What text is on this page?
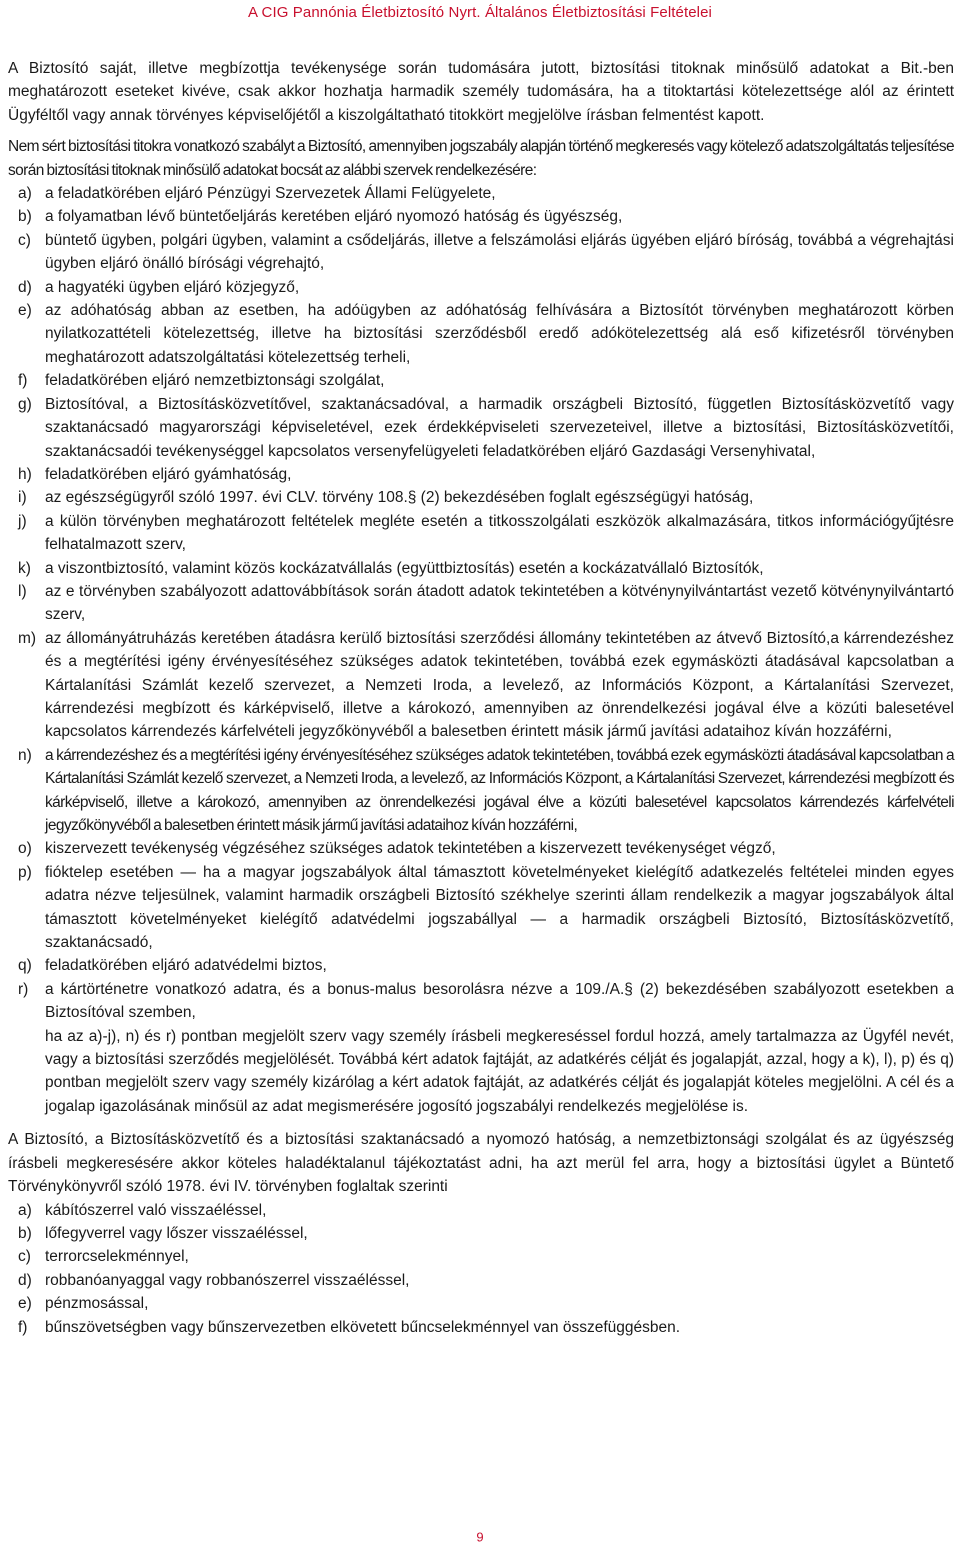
A CIG Pannónia Életbiztosító Nyrt. Általános Életbiztosítási Feltételei

A Biztosító saját, illetve megbízottja tevékenysége során tudomására jutott, biztosítási titoknak minősülő adatokat a Bit.-ben meghatározott eseteket kivéve, csak akkor hozhatja harmadik személy tudomására, ha a titoktartási kötelezettsége alól az érintett Ügyféltől vagy annak törvényes képviselőjétől a kiszolgáltatható titokkört megjelölve írásban felmentést kapott.

Nem sért biztosítási titokra vonatkozó szabályt a Biztosító, amennyiben jogszabály alapján történő megkeresés vagy kötelező adatszolgáltatás teljesítése során biztosítási titoknak minősülő adatokat bocsát az alábbi szervek rendelkezésére:

a) a feladatkörében eljáró Pénzügyi Szervezetek Állami Felügyelete,
b) a folyamatban lévő büntetőeljárás keretében eljáró nyomozó hatóság és ügyészség,
c) büntető ügyben, polgári ügyben, valamint a csődeljárás, illetve a felszámolási eljárás ügyében eljáró bíróság, továbbá a végrehajtási ügyben eljáró önálló bírósági végrehajtó,
d) a hagyatéki ügyben eljáró közjegyző,
e) az adóhatóság abban az esetben, ha adóügyben az adóhatóság felhívására a Biztosítót törvényben meghatározott körben nyilatkozattételi kötelezettség, illetve ha biztosítási szerződésből eredő adókötelezettség alá eső kifizetésről törvényben meghatározott adatszolgáltatási kötelezettség terheli,
f)	feladatkörében eljáró nemzetbiztonsági szolgálat,
g) Biztosítóval, a Biztosításközvetítővel, szaktanácsadóval, a harmadik országbeli Biztosító, független Biztosításközvetítő vagy szaktanácsadó magyarországi képviseletével, ezek érdekképviseleti szervezeteivel, illetve a biztosítási, Biztosításközvetítői, szaktanácsadói tevékenységgel kapcsolatos versenyfelügyeleti feladatkörében eljáró Gazdasági Versenyhivatal,
h) feladatkörében eljáró gyámhatóság,
i)	az egészségügyről szóló 1997. évi CLV. törvény 108.§ (2) bekezdésében foglalt egészségügyi hatóság,
j)	a külön törvényben meghatározott feltételek megléte esetén a titkosszolgálati eszközök alkalmazására, titkos információgyűjtésre felhatalmazott szerv,
k) a viszontbiztosító, valamint közös kockázatvállalás (együttbiztosítás) esetén a kockázatvállaló Biztosítók,
l)	az e törvényben szabályozott adattovábbítások során átadott adatok tekintetében a kötvénynyilvántartást vezető kötvénynyilvántartó szerv,
m) az állományátruházás keretében átadásra kerülő biztosítási szerződési állomány tekintetében az átvevő Biztosító,a kárrendezéshez és a megtérítési igény érvényesítéséhez szükséges adatok tekintetében, továbbá ezek egymásközti átadásával kapcsolatban a Kártalanítási Számlát kezelő szervezet, a Nemzeti Iroda, a levelező, az Információs Központ, a Kártalanítási Szervezet, kárrendezési megbízott és kárképviselő, illetve a károkozó, amennyiben az önrendelkezési jogával élve a közúti balesetével kapcsolatos kárrendezés kárfelvételi jegyzőkönyvéből a balesetben érintett másik jármű javítási adataihoz kíván hozzáférni,
n) a kárrendezéshez és a megtérítési igény érvényesítéséhez szükséges adatok tekintetében, továbbá ezek egymásközti átadásával kapcsolatban a Kártalanítási Számlát kezelő szervezet, a Nemzeti Iroda, a levelező, az Információs Központ, a Kártalanítási Szervezet, kárrendezési megbízott és kárképviselő, illetve a károkozó, amennyiben az önrendelkezési jogával élve a közúti balesetével kapcsolatos kárrendezés kárfelvételi jegyzőkönyvéből a balesetben érintett másik jármű javítási adataihoz kíván hozzáférni,
o) kiszervezett tevékenység végzéséhez szükséges adatok tekintetében a kiszervezett tevékenységet végző,
p) fióktelep esetében — ha a magyar jogszabályok által támasztott követelményeket kielégítő adatkezelés feltételei minden egyes adatra nézve teljesülnek, valamint harmadik országbeli Biztosító székhelye szerinti állam rendelkezik a magyar jogszabályok által támasztott követelményeket kielégítő adatvédelmi jogszabállyal — a harmadik országbeli Biztosító, Biztosításközvetítő, szaktanácsadó,
q) feladatkörében eljáró adatvédelmi biztos,
r)	a kártörténetre vonatkozó adatra, és a bonus-malus besorolásra nézve a 109./A.§ (2) bekezdésében szabályozott esetekben a Biztosítóval szemben,
ha az a)-j), n) és r) pontban megjelölt szerv vagy személy írásbeli megkereséssel fordul hozzá, amely tartalmazza az Ügyfél nevét, vagy a biztosítási szerződés megjelölését. Továbbá kért adatok fajtáját, az adatkérés célját és jogalapját, azzal, hogy a k), l), p) és q) pontban megjelölt szerv vagy személy kizárólag a kért adatok fajtáját, az adatkérés célját és jogalapját köteles megjelölni. A cél és a jogalap igazolásának minősül az adat megismerésére jogosító jogszabályi rendelkezés megjelölése is.

A Biztosító, a Biztosításközvetítő és a biztosítási szaktanácsadó a nyomozó hatóság, a nemzetbiztonsági szolgálat és az ügyészség írásbeli megkeresésére akkor köteles haladéktalanul tájékoztatást adni, ha azt merül fel arra, hogy a biztosítási ügylet a Büntető Törvénykönyvről szóló 1978. évi IV. törvényben foglaltak szerinti

a) kábítószerrel való visszaéléssel,
b) lőfegyverrel vagy lőszer visszaéléssel,
c) terrorcselekménnyel,
d) robbanóanyaggal vagy robbanószerrel visszaéléssel,
e) pénzmosással,
f)	bűnszövetségben vagy bűnszervezetben elkövetett bűncselekménnyel van összefüggésben.
9
